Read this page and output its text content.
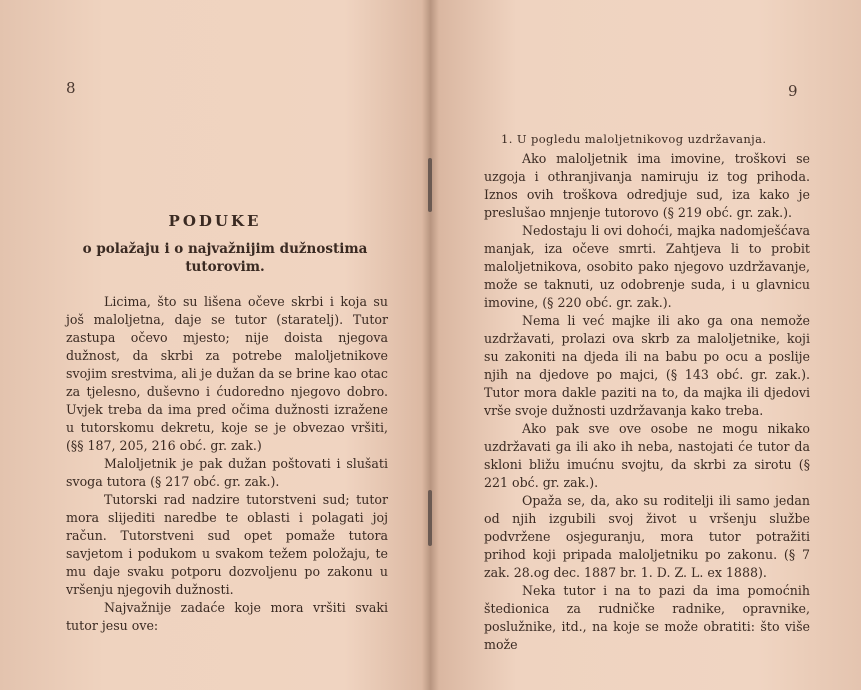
8
PODUKE
o polažaju i o najvažnijim dužnostima tutorovim.

Licima, što su lišena očeve skrbi i koja su još maloljetna, daje se tutor (staratelj). Tutor zastupa očevo mjesto; nije doista njegova dužnost, da skrbi za potrebe maloljetnikove svojim srestvima, ali je dužan da se brine kao otac za tjelesno, duševno i ćudoredno njegovo dobro. Uvjek treba da ima pred očima dužnosti izražene u tutorskomu dekretu, koje se je obvezao vršiti, (§§ 187, 205, 216 obć. gr. zak.)

Maloljetnik je pak dužan poštovati i slušati svoga tutora (§ 217 obć. gr. zak.).

Tutorski rad nadzire tutorstveni sud; tutor mora slijediti naredbe te oblasti i polagati joj račun. Tutorstveni sud opet pomaže tutora savjetom i podukom u svakom težem položaju, te mu daje svaku potporu dozvoljenu po zakonu u vršenju njegovih dužnosti.

Najvažnije zadaće koje mora vršiti svaki tutor jesu ove:

9
1. U pogledu maloljetnikovog uzdržavanja.

Ako maloljetnik ima imovine, troškovi se uzgoja i othranjivanja namiruju iz tog prihoda. Iznos ovih troškova odredjuje sud, iza kako je preslušao mnjenje tutorovo (§ 219 obć. gr. zak.).

Nedostaju li ovi dohoći, majka nadomješćava manjak, iza očeve smrti. Zahtjeva li to probit maloljetnikova, osobito pako njegovo uzdržavanje, može se taknuti, uz odobrenje suda, i u glavnicu imovine, (§ 220 obć. gr. zak.).

Nema li već majke ili ako ga ona nemože uzdržavati, prolazi ova skrb za maloljetnike, koji su zakoniti na djeda ili na babu po ocu a poslije njih na djedove po majci, (§ 143 obć. gr. zak.). Tutor mora dakle paziti na to, da majka ili djedovi vrše svoje dužnosti uzdržavanja kako treba.

Ako pak sve ove osobe ne mogu nikako uzdržavati ga ili ako ih neba, nastojati će tutor da skloni bližu imućnu svojtu, da skrbi za sirotu (§ 221 obć. gr. zak.).

Opaža se, da, ako su roditelji ili samo jedan od njih izgubili svoj život u vršenju službe podvržene osjeguranju, mora tutor potražiti prihod koji pripada maloljetniku po zakonu. (§ 7 zak. 28.og dec. 1887 br. 1. D. Z. L. ex 1888).

Neka tutor i na to pazi da ima pomoćnih štedionica za rudničke radnike, opravnike, poslužnike, itd., na koje se može obratiti: što više može
